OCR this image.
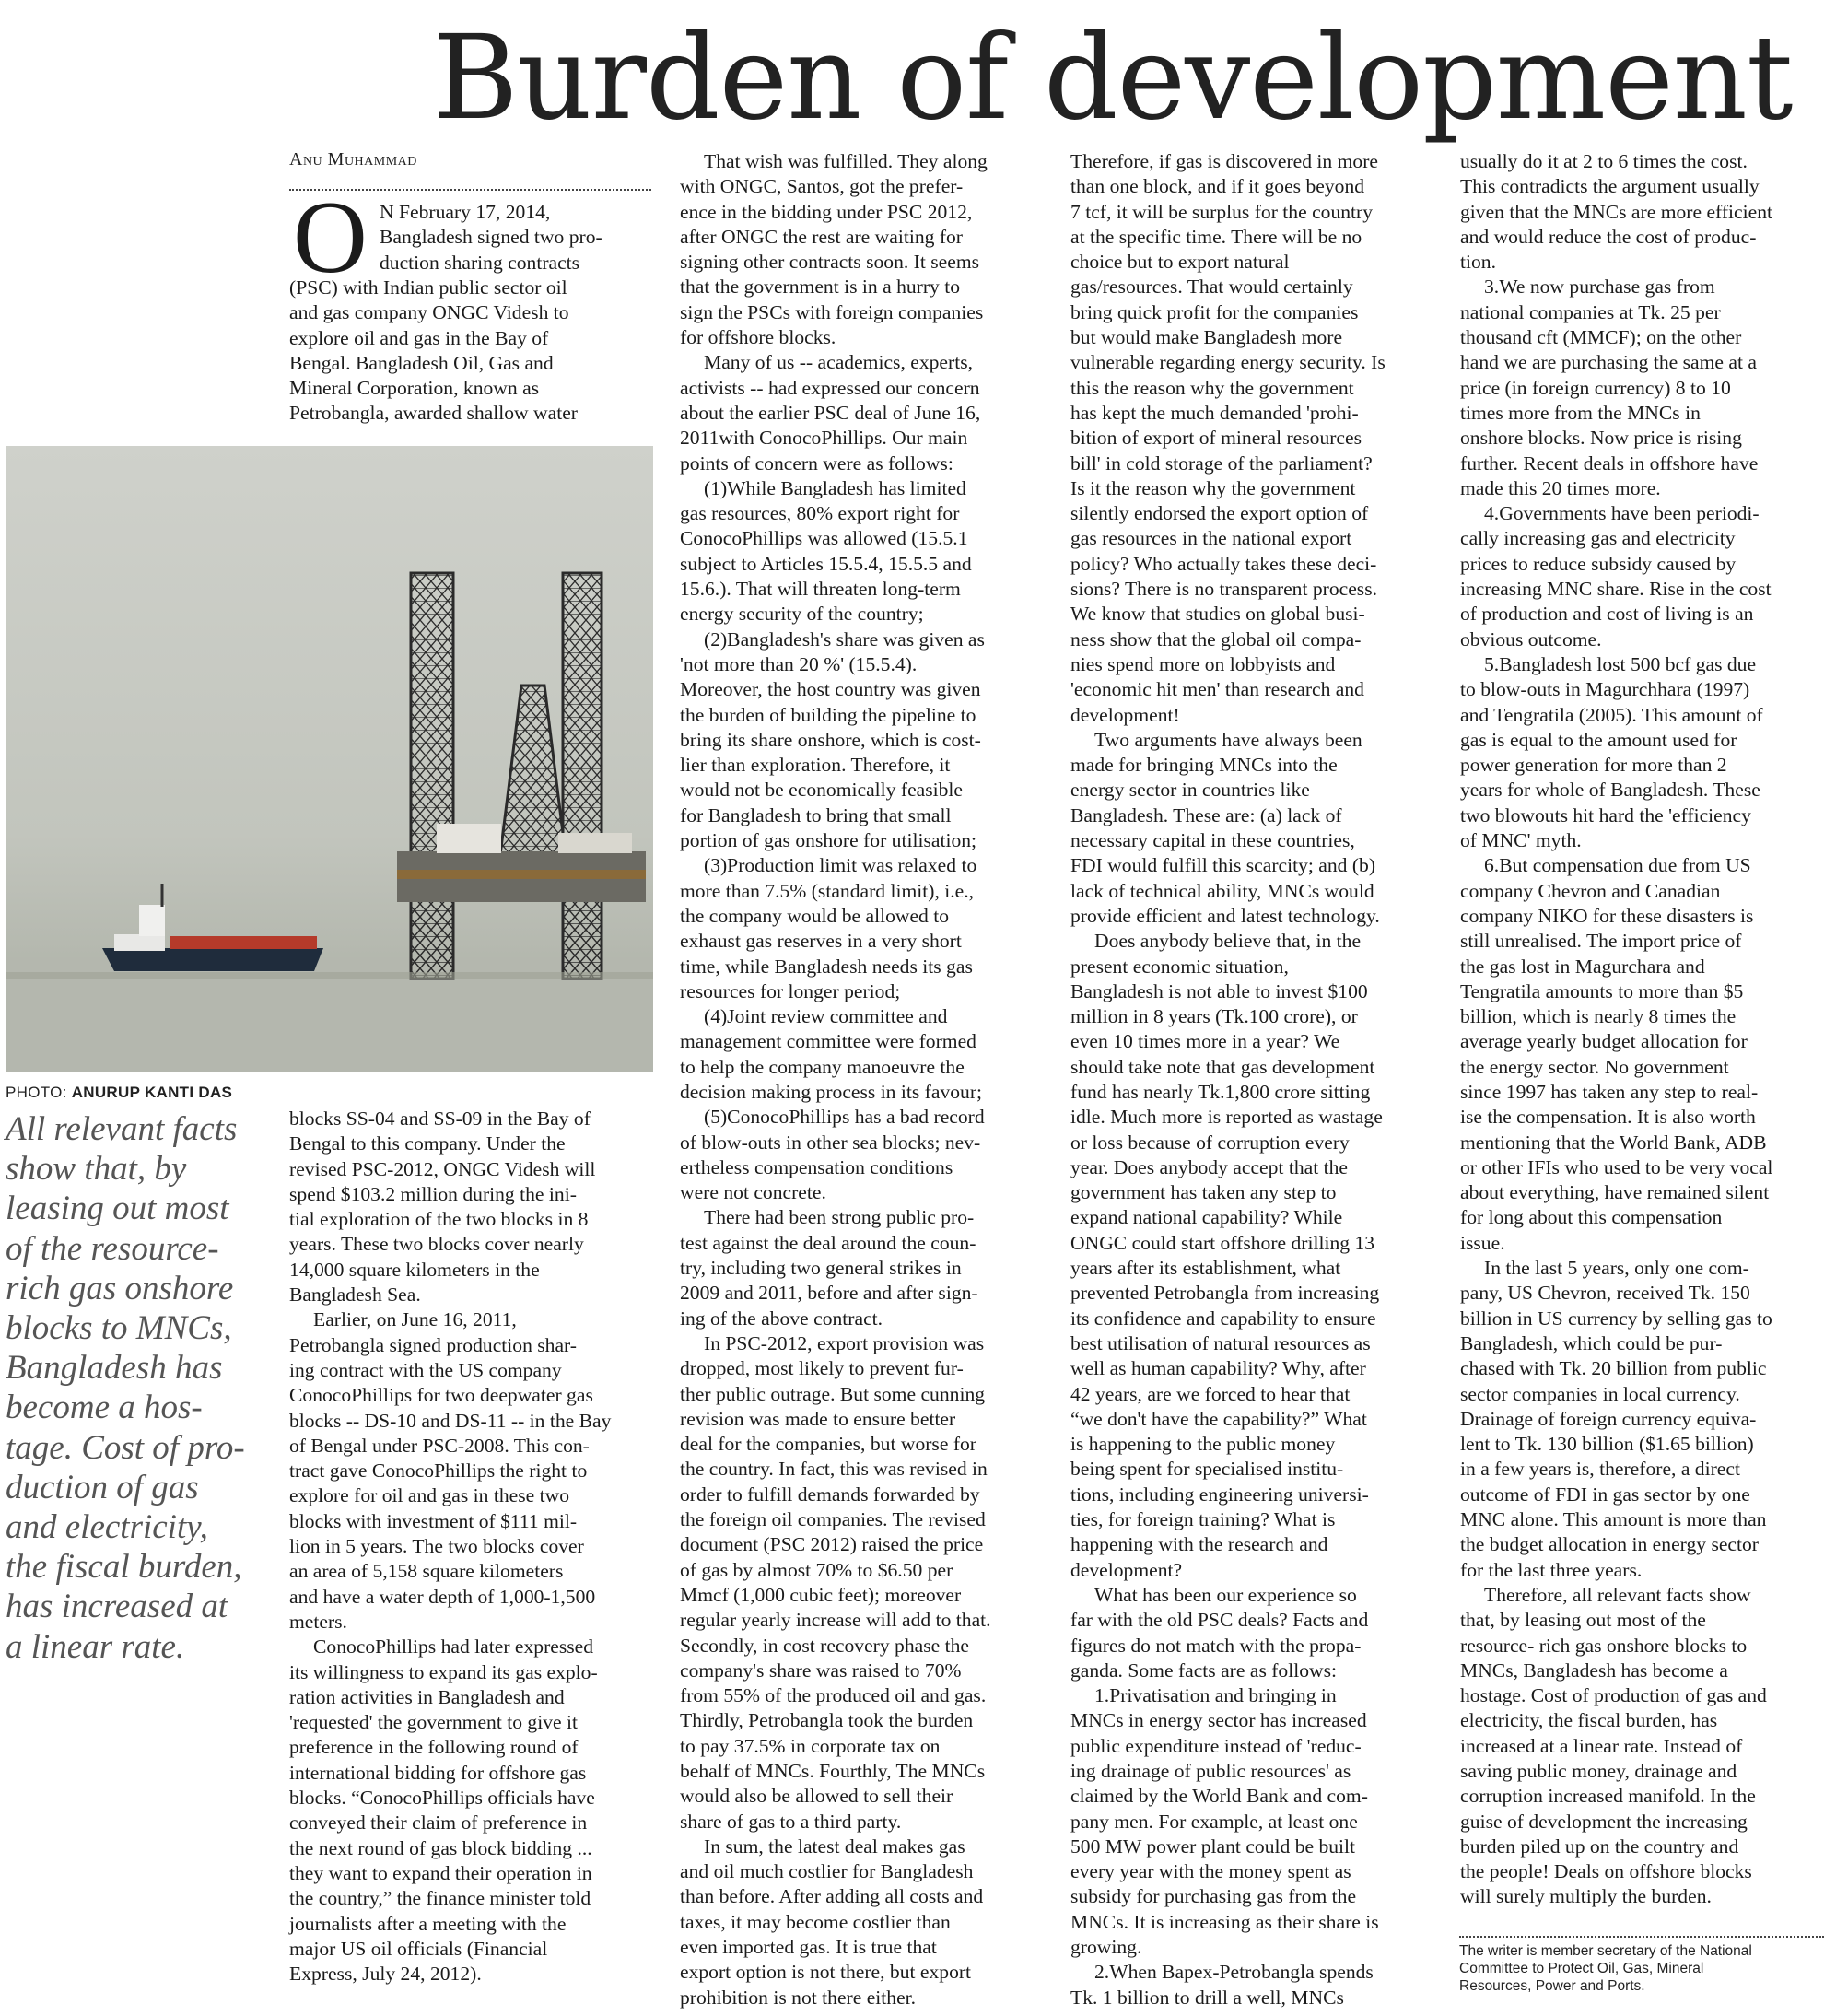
Burden of development
Anu Muhammad
O N February 17, 2014,
Bangladesh signed two pro-
duction sharing contracts
(PSC) with Indian public sector oil
and gas company ONGC Videsh to
explore oil and gas in the Bay of
Bengal. Bangladesh Oil, Gas and
Mineral Corporation, known as
Petrobangla, awarded shallow water
PHOTO: ANURUP KANTI DAS
All relevant facts
show that, by
leasing out most
of the resource-
rich gas onshore
blocks to MNCs,
Bangladesh has
become a hos-
tage. Cost of pro-
duction of gas
and electricity,
the fiscal burden,
has increased at
a linear rate.
blocks SS-04 and SS-09 in the Bay of
Bengal to this company. Under the
revised PSC-2012, ONGC Videsh will
spend $103.2 million during the ini-
tial exploration of the two blocks in 8
years. These two blocks cover nearly
14,000 square kilometers in the
Bangladesh Sea.
Earlier, on June 16, 2011,
Petrobangla signed production shar-
ing contract with the US company
ConocoPhillips for two deepwater gas
blocks -- DS-10 and DS-11 -- in the Bay
of Bengal under PSC-2008. This con-
tract gave ConocoPhillips the right to
explore for oil and gas in these two
blocks with investment of $111 mil-
lion in 5 years. The two blocks cover
an area of 5,158 square kilometers
and have a water depth of 1,000-1,500
meters.
ConocoPhillips had later expressed
its willingness to expand its gas explo-
ration activities in Bangladesh and
'requested' the government to give it
preference in the following round of
international bidding for offshore gas
blocks. “ConocoPhillips officials have
conveyed their claim of preference in
the next round of gas block bidding ...
they want to expand their operation in
the country,” the finance minister told
journalists after a meeting with the
major US oil officials (Financial
Express, July 24, 2012).
That wish was fulfilled. They along
with ONGC, Santos, got the prefer-
ence in the bidding under PSC 2012,
after ONGC the rest are waiting for
signing other contracts soon. It seems
that the government is in a hurry to
sign the PSCs with foreign companies
for offshore blocks.
Many of us -- academics, experts,
activists -- had expressed our concern
about the earlier PSC deal of June 16,
2011with ConocoPhillips. Our main
points of concern were as follows:
(1)While Bangladesh has limited
gas resources, 80% export right for
ConocoPhillips was allowed (15.5.1
subject to Articles 15.5.4, 15.5.5 and
15.6.). That will threaten long-term
energy security of the country;
(2)Bangladesh's share was given as
'not more than 20 %' (15.5.4).
Moreover, the host country was given
the burden of building the pipeline to
bring its share onshore, which is cost-
lier than exploration. Therefore, it
would not be economically feasible
for Bangladesh to bring that small
portion of gas onshore for utilisation;
(3)Production limit was relaxed to
more than 7.5% (standard limit), i.e.,
the company would be allowed to
exhaust gas reserves in a very short
time, while Bangladesh needs its gas
resources for longer period;
(4)Joint review committee and
management committee were formed
to help the company manoeuvre the
decision making process in its favour;
(5)ConocoPhillips has a bad record
of blow-outs in other sea blocks; nev-
ertheless compensation conditions
were not concrete.
There had been strong public pro-
test against the deal around the coun-
try, including two general strikes in
2009 and 2011, before and after sign-
ing of the above contract.
In PSC-2012, export provision was
dropped, most likely to prevent fur-
ther public outrage. But some cunning
revision was made to ensure better
deal for the companies, but worse for
the country. In fact, this was revised in
order to fulfill demands forwarded by
the foreign oil companies. The revised
document (PSC 2012) raised the price
of gas by almost 70% to $6.50 per
Mmcf (1,000 cubic feet); moreover
regular yearly increase will add to that.
Secondly, in cost recovery phase the
company's share was raised to 70%
from 55% of the produced oil and gas.
Thirdly, Petrobangla took the burden
to pay 37.5% in corporate tax on
behalf of MNCs. Fourthly, The MNCs
would also be allowed to sell their
share of gas to a third party.
In sum, the latest deal makes gas
and oil much costlier for Bangladesh
than before. After adding all costs and
taxes, it may become costlier than
even imported gas. It is true that
export option is not there, but export
prohibition is not there either.
Therefore, if gas is discovered in more
than one block, and if it goes beyond
7 tcf, it will be surplus for the country
at the specific time. There will be no
choice but to export natural
gas/resources. That would certainly
bring quick profit for the companies
but would make Bangladesh more
vulnerable regarding energy security. Is
this the reason why the government
has kept the much demanded 'prohi-
bition of export of mineral resources
bill' in cold storage of the parliament?
Is it the reason why the government
silently endorsed the export option of
gas resources in the national export
policy? Who actually takes these deci-
sions? There is no transparent process.
We know that studies on global busi-
ness show that the global oil compa-
nies spend more on lobbyists and
'economic hit men' than research and
development!
Two arguments have always been
made for bringing MNCs into the
energy sector in countries like
Bangladesh. These are: (a) lack of
necessary capital in these countries,
FDI would fulfill this scarcity; and (b)
lack of technical ability, MNCs would
provide efficient and latest technology.
Does anybody believe that, in the
present economic situation,
Bangladesh is not able to invest $100
million in 8 years (Tk.100 crore), or
even 10 times more in a year? We
should take note that gas development
fund has nearly Tk.1,800 crore sitting
idle. Much more is reported as wastage
or loss because of corruption every
year. Does anybody accept that the
government has taken any step to
expand national capability? While
ONGC could start offshore drilling 13
years after its establishment, what
prevented Petrobangla from increasing
its confidence and capability to ensure
best utilisation of natural resources as
well as human capability? Why, after
42 years, are we forced to hear that
“we don't have the capability?” What
is happening to the public money
being spent for specialised institu-
tions, including engineering universi-
ties, for foreign training? What is
happening with the research and
development?
What has been our experience so
far with the old PSC deals? Facts and
figures do not match with the propa-
ganda. Some facts are as follows:
1.Privatisation and bringing in
MNCs in energy sector has increased
public expenditure instead of 'reduc-
ing drainage of public resources' as
claimed by the World Bank and com-
pany men. For example, at least one
500 MW power plant could be built
every year with the money spent as
subsidy for purchasing gas from the
MNCs. It is increasing as their share is
growing.
2.When Bapex-Petrobangla spends
Tk. 1 billion to drill a well, MNCs
usually do it at 2 to 6 times the cost.
This contradicts the argument usually
given that the MNCs are more efficient
and would reduce the cost of produc-
tion.
3.We now purchase gas from
national companies at Tk. 25 per
thousand cft (MMCF); on the other
hand we are purchasing the same at a
price (in foreign currency) 8 to 10
times more from the MNCs in
onshore blocks. Now price is rising
further. Recent deals in offshore have
made this 20 times more.
4.Governments have been periodi-
cally increasing gas and electricity
prices to reduce subsidy caused by
increasing MNC share. Rise in the cost
of production and cost of living is an
obvious outcome.
5.Bangladesh lost 500 bcf gas due
to blow-outs in Magurchhara (1997)
and Tengratila (2005). This amount of
gas is equal to the amount used for
power generation for more than 2
years for whole of Bangladesh. These
two blowouts hit hard the 'efficiency
of MNC' myth.
6.But compensation due from US
company Chevron and Canadian
company NIKO for these disasters is
still unrealised. The import price of
the gas lost in Magurchara and
Tengratila amounts to more than $5
billion, which is nearly 8 times the
average yearly budget allocation for
the energy sector. No government
since 1997 has taken any step to real-
ise the compensation. It is also worth
mentioning that the World Bank, ADB
or other IFIs who used to be very vocal
about everything, have remained silent
for long about this compensation
issue.
In the last 5 years, only one com-
pany, US Chevron, received Tk. 150
billion in US currency by selling gas to
Bangladesh, which could be pur-
chased with Tk. 20 billion from public
sector companies in local currency.
Drainage of foreign currency equiva-
lent to Tk. 130 billion ($1.65 billion)
in a few years is, therefore, a direct
outcome of FDI in gas sector by one
MNC alone. This amount is more than
the budget allocation in energy sector
for the last three years.
Therefore, all relevant facts show
that, by leasing out most of the
resource- rich gas onshore blocks to
MNCs, Bangladesh has become a
hostage. Cost of production of gas and
electricity, the fiscal burden, has
increased at a linear rate. Instead of
saving public money, drainage and
corruption increased manifold. In the
guise of development the increasing
burden piled up on the country and
the people! Deals on offshore blocks
will surely multiply the burden.
The writer is member secretary of the National
Committee to Protect Oil, Gas, Mineral
Resources, Power and Ports.
